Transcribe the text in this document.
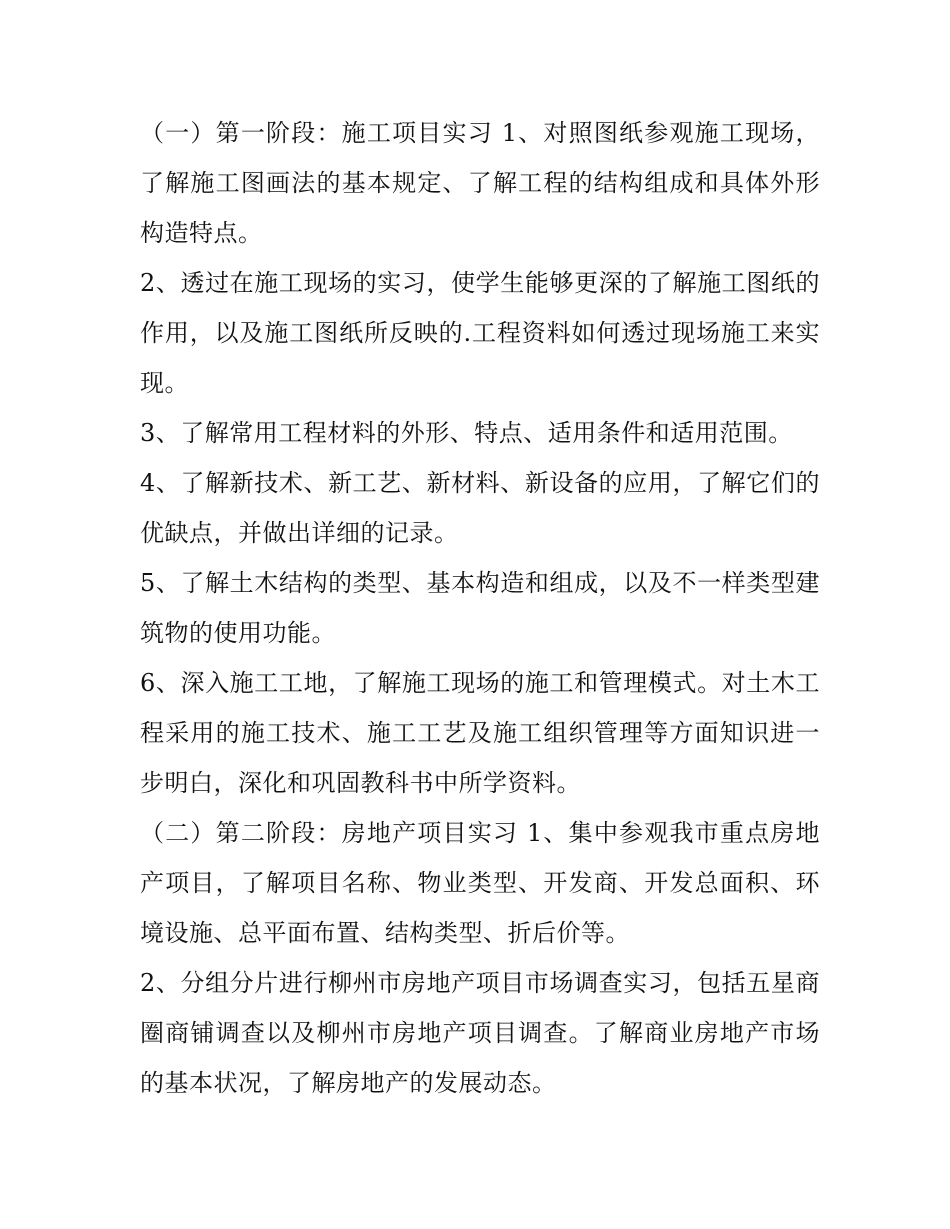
（一）第一阶段：施工项目实习 1、对照图纸参观施工现场，了解施工图画法的基本规定、了解工程的结构组成和具体外形构造特点。

2、透过在施工现场的实习，使学生能够更深的了解施工图纸的作用，以及施工图纸所反映的.工程资料如何透过现场施工来实现。

3、了解常用工程材料的外形、特点、适用条件和适用范围。

4、了解新技术、新工艺、新材料、新设备的应用，了解它们的优缺点，并做出详细的记录。

5、了解土木结构的类型、基本构造和组成，以及不一样类型建筑物的使用功能。

6、深入施工工地，了解施工现场的施工和管理模式。对土木工程采用的施工技术、施工工艺及施工组织管理等方面知识进一步明白，深化和巩固教科书中所学资料。

（二）第二阶段：房地产项目实习 1、集中参观我市重点房地产项目，了解项目名称、物业类型、开发商、开发总面积、环境设施、总平面布置、结构类型、折后价等。

2、分组分片进行柳州市房地产项目市场调查实习，包括五星商圈商铺调查以及柳州市房地产项目调查。了解商业房地产市场的基本状况，了解房地产的发展动态。
